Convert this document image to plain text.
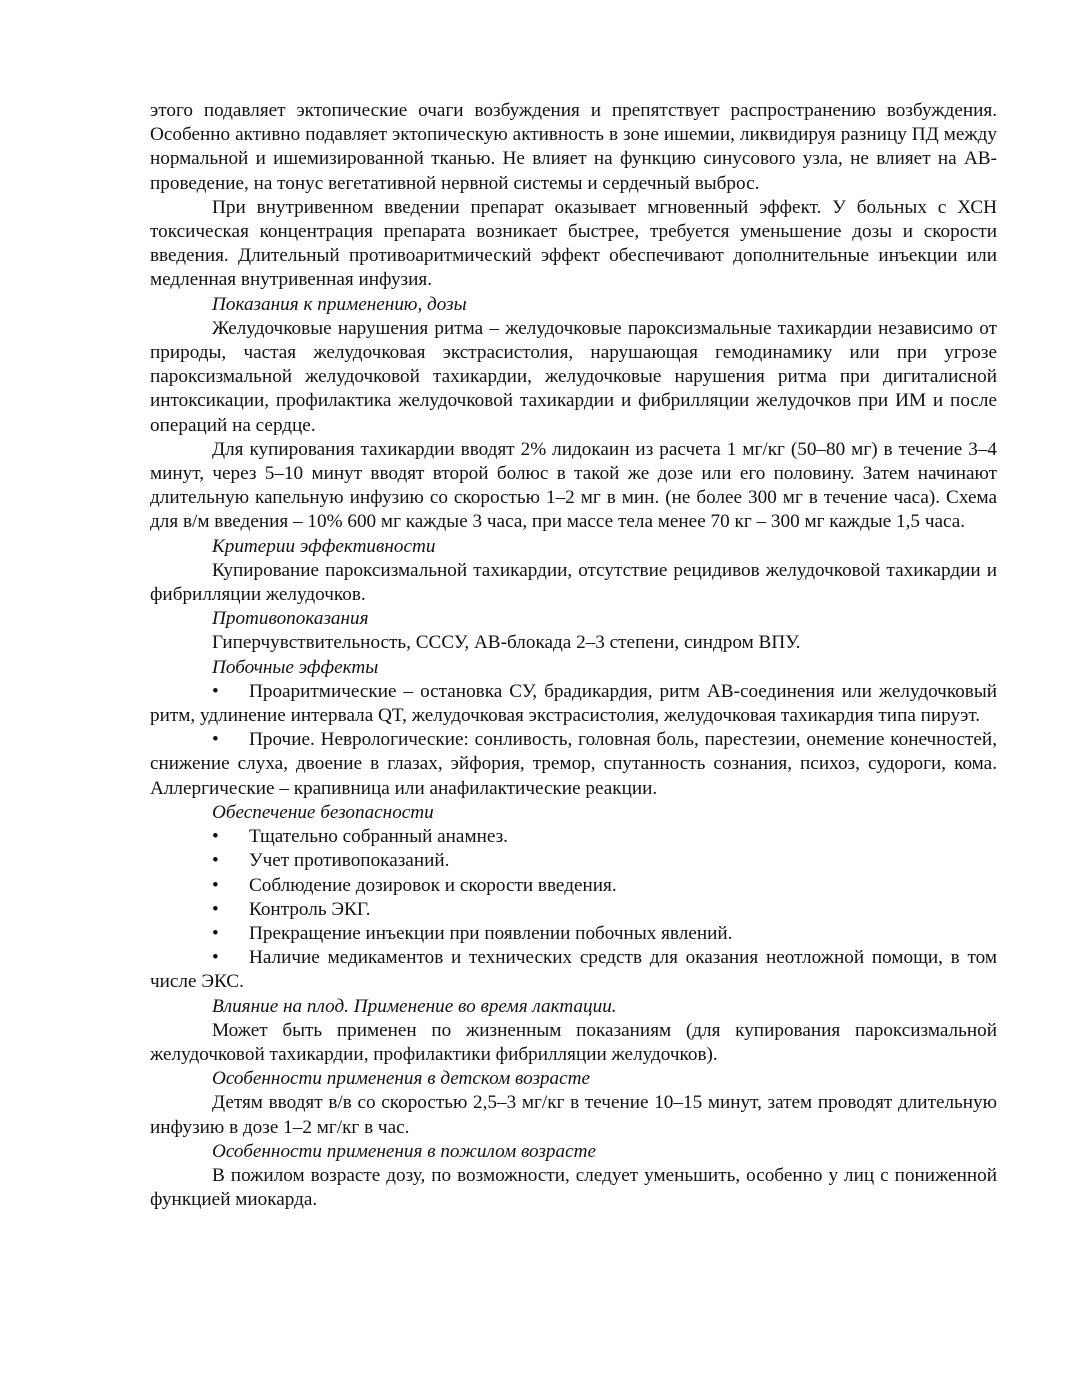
этого подавляет эктопические очаги возбуждения и препятствует распространению возбуждения. Особенно активно подавляет эктопическую активность в зоне ишемии, ликвидируя разницу ПД между нормальной и ишемизированной тканью. Не влияет на функцию синусового узла, не влияет на АВ-проведение, на тонус вегетативной нервной системы и сердечный выброс.

При внутривенном введении препарат оказывает мгновенный эффект. У больных с ХСН токсическая концентрация препарата возникает быстрее, требуется уменьшение дозы и скорости введения. Длительный противоаритмический эффект обеспечивают дополнительные инъекции или медленная внутривенная инфузия.

Показания к применению, дозы

Желудочковые нарушения ритма – желудочковые пароксизмальные тахикардии независимо от природы, частая желудочковая экстрасистолия, нарушающая гемодинамику или при угрозе пароксизмальной желудочковой тахикардии, желудочковые нарушения ритма при дигиталисной интоксикации, профилактика желудочковой тахикардии и фибрилляции желудочков при ИМ и после операций на сердце.

Для купирования тахикардии вводят 2% лидокаин из расчета 1 мг/кг (50–80 мг) в течение 3–4 минут, через 5–10 минут вводят второй болюс в такой же дозе или его половину. Затем начинают длительную капельную инфузию со скоростью 1–2 мг в мин. (не более 300 мг в течение часа). Схема для в/м введения – 10% 600 мг каждые 3 часа, при массе тела менее 70 кг – 300 мг каждые 1,5 часа.

Критерии эффективности

Купирование пароксизмальной тахикардии, отсутствие рецидивов желудочковой тахикардии и фибрилляции желудочков.

Противопоказания

Гиперчувствительность, СССУ, АВ-блокада 2–3 степени, синдром ВПУ.

Побочные эффекты

• Проаритмические – остановка СУ, брадикардия, ритм АВ-соединения или желудочковый ритм, удлинение интервала QT, желудочковая экстрасистолия, желудочковая тахикардия типа пируэт.

• Прочие. Неврологические: сонливость, головная боль, парестезии, онемение конечностей, снижение слуха, двоение в глазах, эйфория, тремор, спутанность сознания, психоз, судороги, кома. Аллергические – крапивница или анафилактические реакции.

Обеспечение безопасности

• Тщательно собранный анамнез.

• Учет противопоказаний.

• Соблюдение дозировок и скорости введения.

• Контроль ЭКГ.

• Прекращение инъекции при появлении побочных явлений.

• Наличие медикаментов и технических средств для оказания неотложной помощи, в том числе ЭКС.

Влияние на плод. Применение во время лактации.

Может быть применен по жизненным показаниям (для купирования пароксизмальной желудочковой тахикардии, профилактики фибрилляции желудочков).

Особенности применения в детском возрасте

Детям вводят в/в со скоростью 2,5–3 мг/кг в течение 10–15 минут, затем проводят длительную инфузию в дозе 1–2 мг/кг в час.

Особенности применения в пожилом возрасте

В пожилом возрасте дозу, по возможности, следует уменьшить, особенно у лиц с пониженной функцией миокарда.
